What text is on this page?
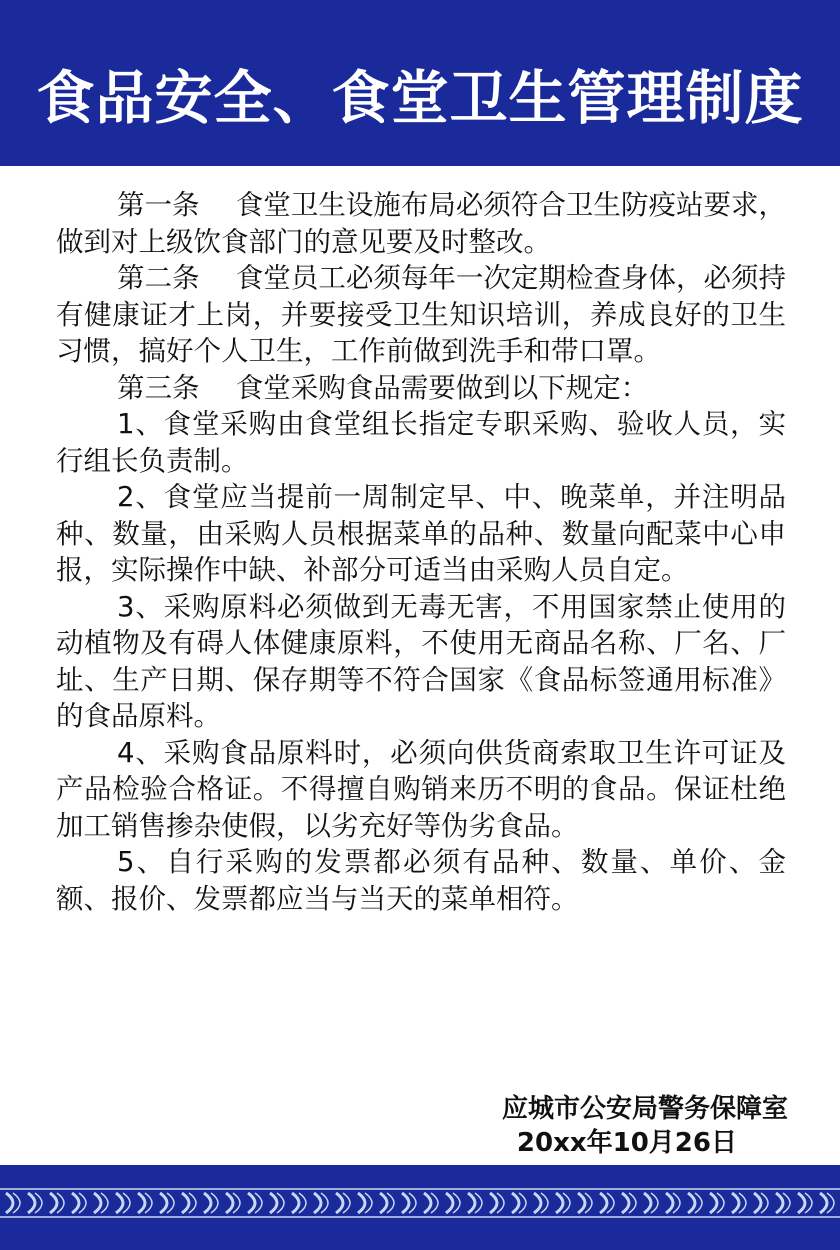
食品安全、食堂卫生管理制度

第一条　 食堂卫生设施布局必须符合卫生防疫站要求，做到对上级饮食部门的意见要及时整改。

第二条　 食堂员工必须每年一次定期检查身体，必须持有健康证才上岗，并要接受卫生知识培训，养成良好的卫生习惯，搞好个人卫生，工作前做到洗手和带口罩。

第三条　 食堂采购食品需要做到以下规定：

1、食堂采购由食堂组长指定专职采购、验收人员，实行组长负责制。

2、食堂应当提前一周制定早、中、晚菜单，并注明品种、数量，由采购人员根据菜单的品种、数量向配菜中心申报，实际操作中缺、补部分可适当由采购人员自定。

3、采购原料必须做到无毒无害，不用国家禁止使用的动植物及有碍人体健康原料，不使用无商品名称、厂名、厂址、生产日期、保存期等不符合国家《食品标签通用标准》的食品原料。

4、采购食品原料时，必须向供货商索取卫生许可证及产品检验合格证。不得擅自购销来历不明的食品。保证杜绝加工销售掺杂使假，以劣充好等伪劣食品。

5、自行采购的发票都必须有品种、数量、单价、金额、报价、发票都应当与当天的菜单相符。

应城市公安局警务保障室
20xx年10月26日
